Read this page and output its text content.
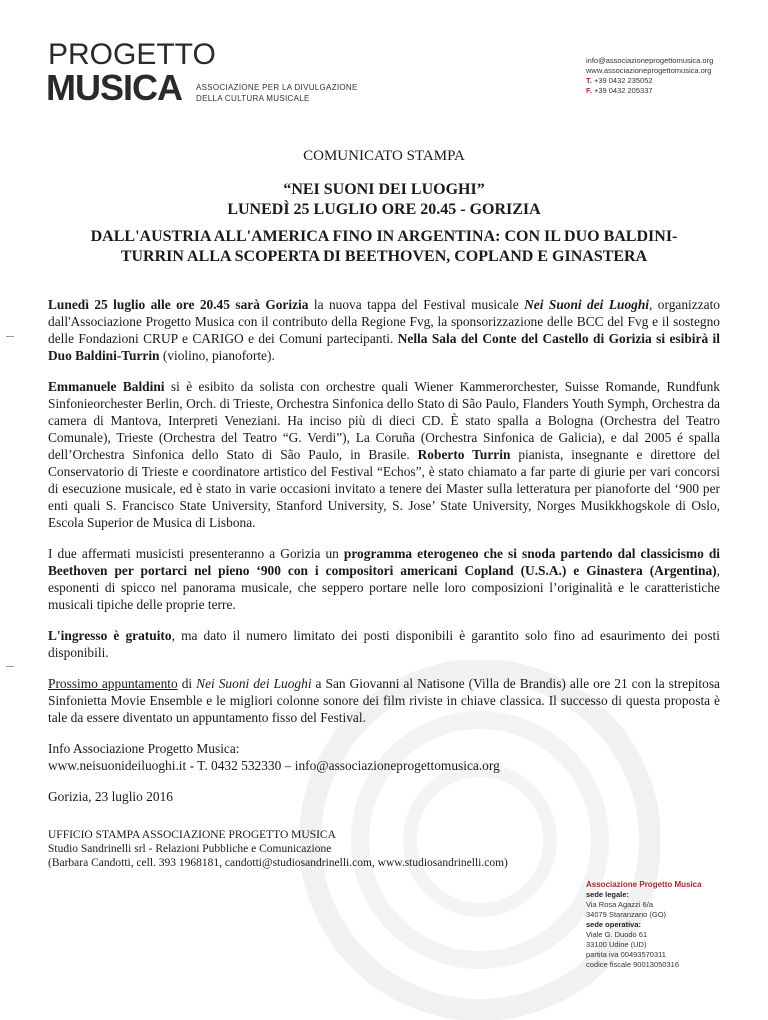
PROGETTO
MUSICA ASSOCIAZIONE PER LA DIVULGAZIONE
DELLA CULTURA MUSICALE
info@associazioneprogettomusica.org
www.associazioneprogettomusica.org
T. +39 0432 235052
F. +39 0432 205337
COMUNICATO STAMPA
“NEI SUONI DEI LUOGHI”
LUNEDÌ 25 LUGLIO ORE 20.45 - GORIZIA
DALL'AUSTRIA ALL'AMERICA FINO IN ARGENTINA: CON IL DUO BALDINI-
TURRIN ALLA SCOPERTA DI BEETHOVEN, COPLAND E GINASTERA

Lunedì 25 luglio alle ore 20.45 sarà Gorizia la nuova tappa del Festival musicale Nei Suoni dei Luoghi, organizzato dall'Associazione Progetto Musica con il contributo della Regione Fvg, la sponsorizzazione delle BCC del Fvg e il sostegno delle Fondazioni CRUP e CARIGO e dei Comuni partecipanti. Nella Sala del Conte del Castello di Gorizia si esibirà il Duo Baldini-Turrin (violino, pianoforte).

Emmanuele Baldini si è esibito da solista con orchestre quali Wiener Kammerorchester, Suisse Romande, Rundfunk Sinfonieorchester Berlin, Orch. di Trieste, Orchestra Sinfonica dello Stato di São Paulo, Flanders Youth Symph, Orchestra da camera di Mantova, Interpreti Veneziani. Ha inciso più di dieci CD. È stato spalla a Bologna (Orchestra del Teatro Comunale), Trieste (Orchestra del Teatro “G. Verdi”), La Coruña (Orchestra Sinfonica de Galicia), e dal 2005 é spalla dell’Orchestra Sinfonica dello Stato di São Paulo, in Brasile. Roberto Turrin pianista, insegnante e direttore del Conservatorio di Trieste e coordinatore artistico del Festival “Echos”, è stato chiamato a far parte di giurie per vari concorsi di esecuzione musicale, ed è stato in varie occasioni invitato a tenere dei Master sulla letteratura per pianoforte del ‘900 per enti quali S. Francisco State University, Stanford University, S. Jose’ State University, Norges Musikkhogskole di Oslo, Escola Superior de Musica di Lisbona.

I due affermati musicisti presenteranno a Gorizia un programma eterogeneo che si snoda partendo dal classicismo di Beethoven per portarci nel pieno ‘900 con i compositori americani Copland (U.S.A.) e Ginastera (Argentina), esponenti di spicco nel panorama musicale, che seppero portare nelle loro composizioni l’originalità e le caratteristiche musicali tipiche delle proprie terre.

L'ingresso è gratuito, ma dato il numero limitato dei posti disponibili è garantito solo fino ad esaurimento dei posti disponibili.

Prossimo appuntamento di Nei Suoni dei Luoghi a San Giovanni al Natisone (Villa de Brandis) alle ore 21 con la strepitosa Sinfonietta Movie Ensemble e le migliori colonne sonore dei film riviste in chiave classica. Il successo di questa proposta è tale da essere diventato un appuntamento fisso del Festival.

Info Associazione Progetto Musica:
www.neisuonideiluoghi.it - T. 0432 532330 – info@associazioneprogettomusica.org

Gorizia, 23 luglio 2016

UFFICIO STAMPA ASSOCIAZIONE PROGETTO MUSICA
Studio Sandrinelli srl - Relazioni Pubbliche e Comunicazione
(Barbara Candotti, cell. 393 1968181, candotti@studiosandrinelli.com, www.studiosandrinelli.com)
Associazione Progetto Musica
sede legale:
Via Rosa Agazzi 6/a
34079 Staranzano (GO)
sede operativa:
Viale G. Duodo 61
33100 Udine (UD)
partita iva 00493570311
codice fiscale 90013050316
